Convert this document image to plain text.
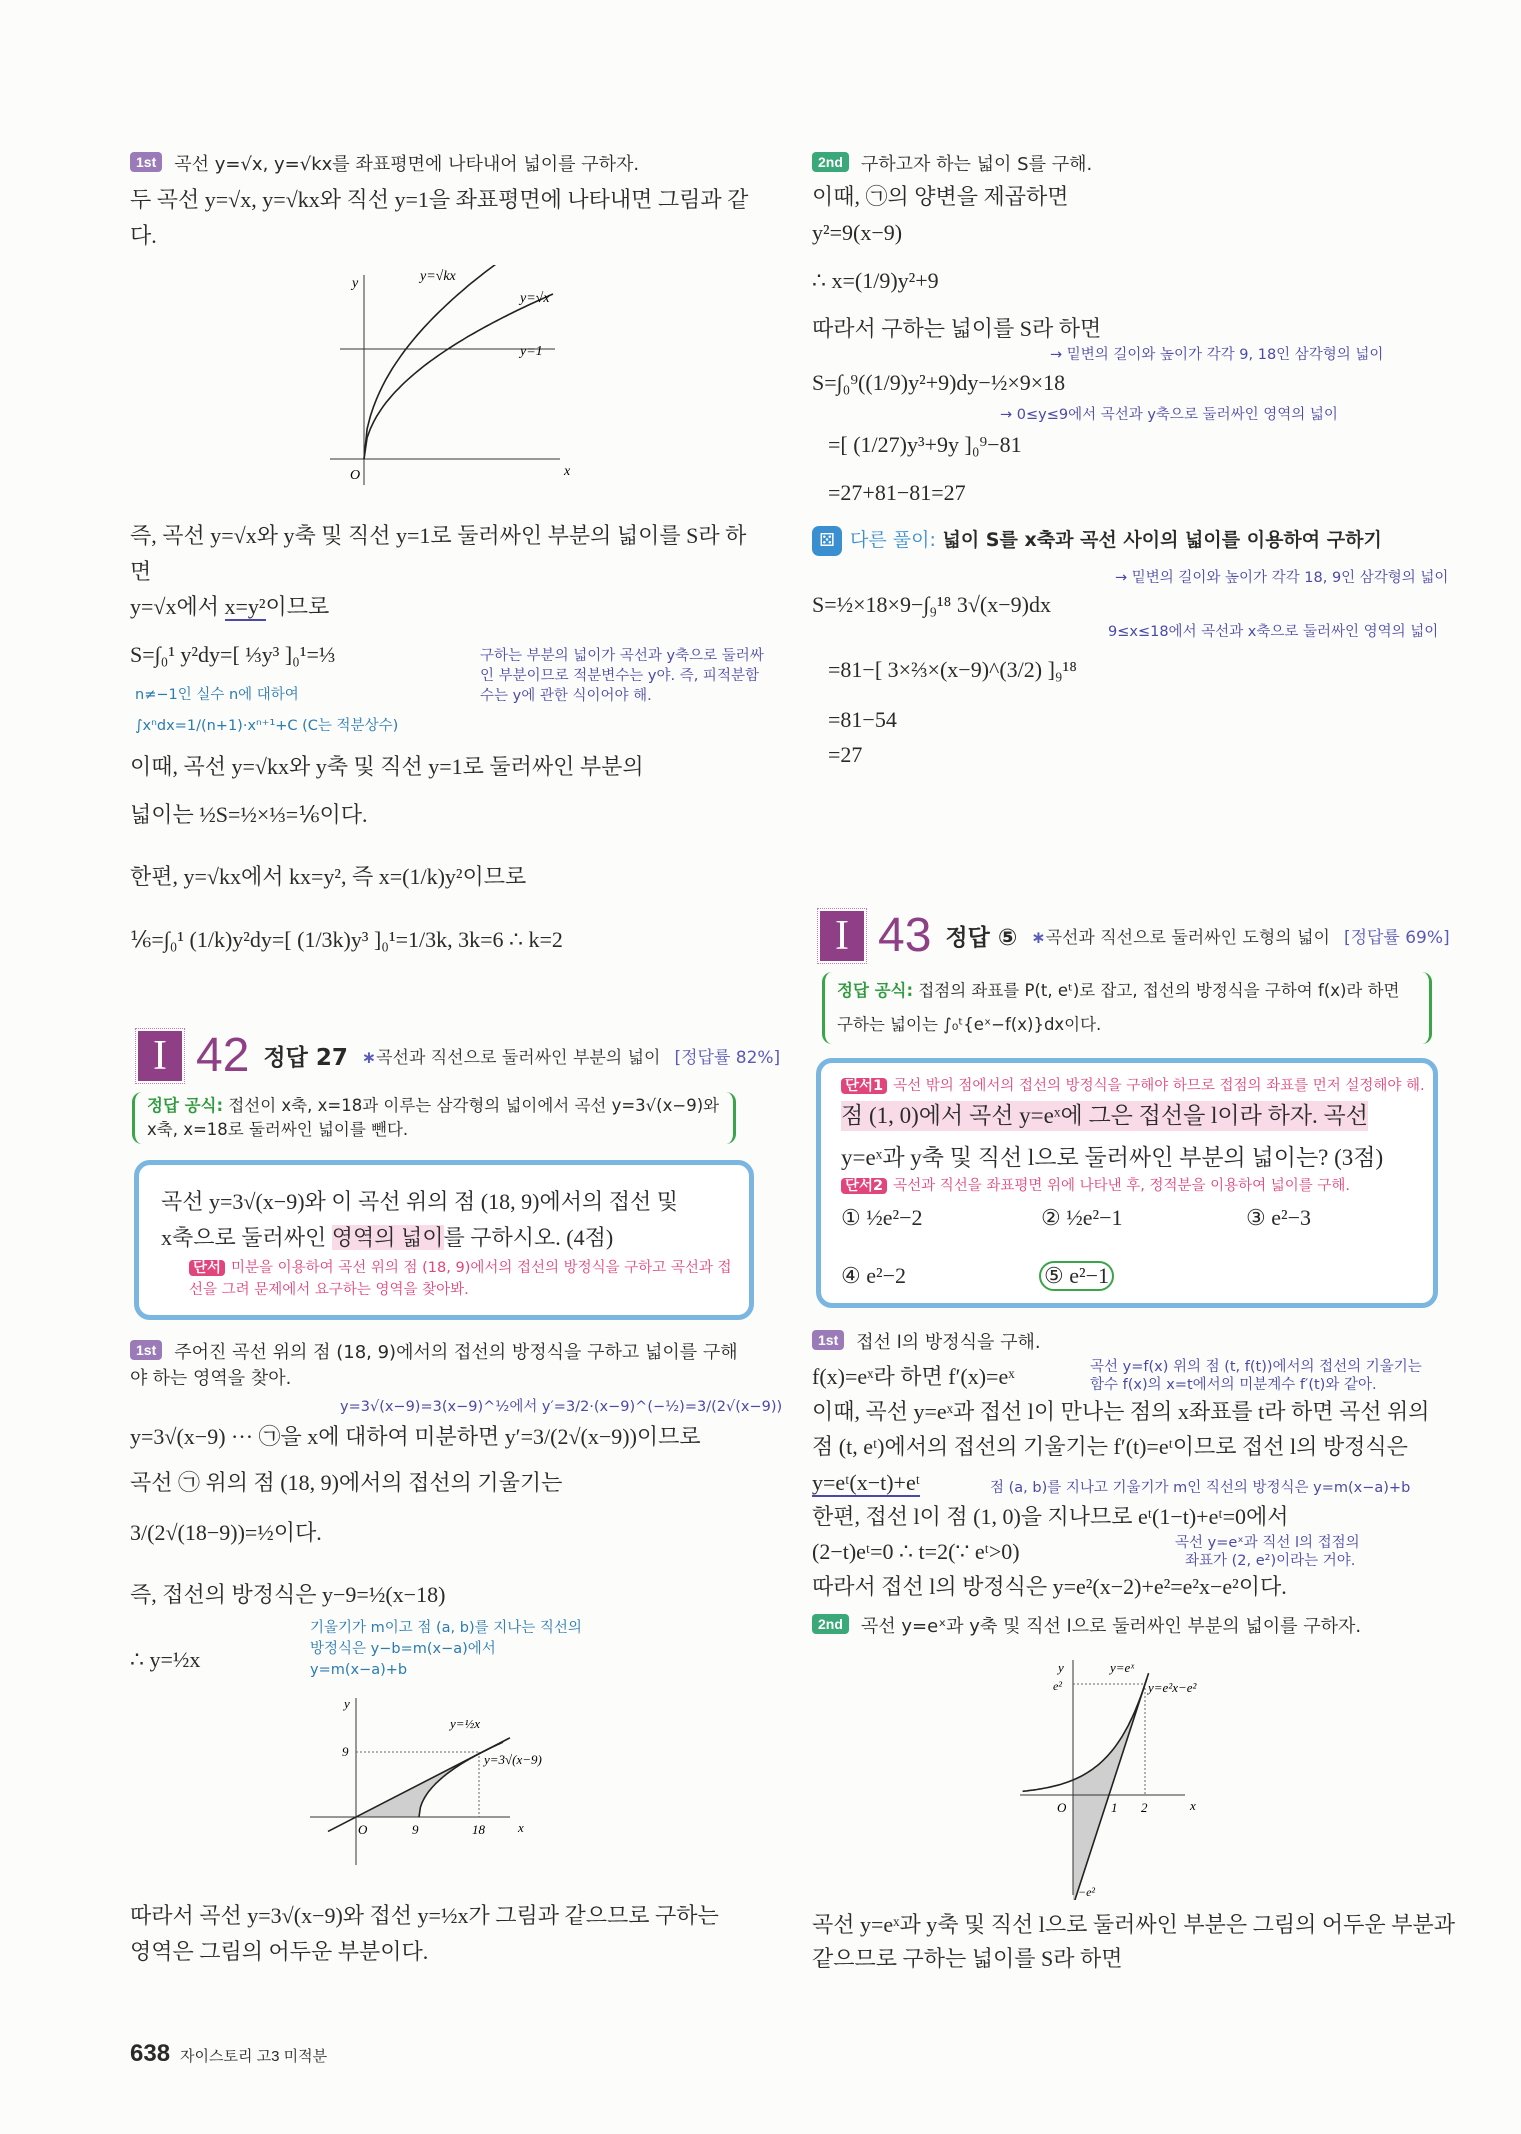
1st 곡선 y=√x, y=√kx를 좌표평면에 나타내어 넓이를 구하자.
두 곡선 y=√x, y=√kx와 직선 y=1을 좌표평면에 나타내면 그림과 같다.
y
x
O
y=√kx
y=√x
y=1
즉, 곡선 y=√x와 y축 및 직선 y=1로 둘러싸인 부분의 넓이를 S라 하면
y=√x에서 x=y²이므로
S=∫₀¹ y²dy=[ ⅓y³ ]₀¹=⅓	구하는 부분의 넓이가 곡선과 y축으로 둘러싸인 부분이므로 적분변수는 y야. 즉, 피적분함수는 y에 관한 식이어야 해.
n≠−1인 실수 n에 대하여
∫xⁿdx=1/(n+1)·xⁿ⁺¹+C (C는 적분상수)
이때, 곡선 y=√kx와 y축 및 직선 y=1로 둘러싸인 부분의
넓이는 ½S=½×⅓=⅙이다.
한편, y=√kx에서 kx=y², 즉 x=(1/k)y²이므로
⅙=∫₀¹ (1/k)y²dy=[ (1/3k)y³ ]₀¹=1/3k, 3k=6 ∴ k=2
I 42 정답 27 ∗곡선과 직선으로 둘러싸인 부분의 넓이 [정답률 82%]
정답 공식: 접선이 x축, x=18과 이루는 삼각형의 넓이에서 곡선 y=3√(x−9)와 x축, x=18로 둘러싸인 넓이를 뺀다.
곡선 y=3√(x−9)와 이 곡선 위의 점 (18, 9)에서의 접선 및
x축으로 둘러싸인 영역의 넓이를 구하시오. (4점)
단서 미분을 이용하여 곡선 위의 점 (18, 9)에서의 접선의 방정식을 구하고 곡선과 접선을 그려 문제에서 요구하는 영역을 찾아봐.
1st 주어진 곡선 위의 점 (18, 9)에서의 접선의 방정식을 구하고 넓이를 구해야 하는 영역을 찾아.
y=3√(x−9)=3(x−9)^½에서 y′=3/2·(x−9)^(−½)=3/(2√(x−9))
y=3√(x−9) ··· ㉠을 x에 대하여 미분하면 y′=3/(2√(x−9))이므로
곡선 ㉠ 위의 점 (18, 9)에서의 접선의 기울기는
3/(2√(18−9))=½이다.
즉, 접선의 방정식은 y−9=½(x−18)
기울기가 m이고 점 (a, b)를 지나는 직선의
방정식은 y−b=m(x−a)에서
y=m(x−a)+b
∴ y=½x
y
x
O	9	18
9
y=½x
y=3√(x−9)
따라서 곡선 y=3√(x−9)와 접선 y=½x가 그림과 같으므로 구하는
영역은 그림의 어두운 부분이다.
2nd 구하고자 하는 넓이 S를 구해.
이때, ㉠의 양변을 제곱하면
y²=9(x−9)
∴ x=(1/9)y²+9
따라서 구하는 넓이를 S라 하면
→ 밑변의 길이와 높이가 각각 9, 18인 삼각형의 넓이
S=∫₀⁹((1/9)y²+9)dy−½×9×18
→ 0≤y≤9에서 곡선과 y축으로 둘러싸인 영역의 넓이
=[ (1/27)y³+9y ]₀⁹−81
=27+81−81=27
⚄ 다른 풀이: 넓이 S를 x축과 곡선 사이의 넓이를 이용하여 구하기
→ 밑변의 길이와 높이가 각각 18, 9인 삼각형의 넓이
S=½×18×9−∫₉¹⁸ 3√(x−9)dx
9≤x≤18에서 곡선과 x축으로 둘러싸인 영역의 넓이
=81−[ 3×⅔×(x−9)^(3/2) ]₉¹⁸
=81−54
=27
I 43 정답 ⑤ ∗곡선과 직선으로 둘러싸인 도형의 넓이 [정답률 69%]
정답 공식: 접점의 좌표를 P(t, eᵗ)로 잡고, 접선의 방정식을 구하여 f(x)라 하면
구하는 넓이는 ∫₀ᵗ{eˣ−f(x)}dx이다.
단서1 곡선 밖의 점에서의 접선의 방정식을 구해야 하므로 접점의 좌표를 먼저 설정해야 해.
점 (1, 0)에서 곡선 y=eˣ에 그은 접선을 l이라 하자. 곡선
y=eˣ과 y축 및 직선 l으로 둘러싸인 부분의 넓이는? (3점)
단서2 곡선과 직선을 좌표평면 위에 나타낸 후, 정적분을 이용하여 넓이를 구해.
① ½e²−2	② ½e²−1	③ e²−3
④ e²−2	⑤ e²−1
1st 접선 l의 방정식을 구해.
f(x)=eˣ라 하면 f′(x)=eˣ	곡선 y=f(x) 위의 점 (t, f(t))에서의 접선의 기울기는
함수 f(x)의 x=t에서의 미분계수 f′(t)와 같아.
이때, 곡선 y=eˣ과 접선 l이 만나는 점의 x좌표를 t라 하면 곡선 위의
점 (t, eᵗ)에서의 접선의 기울기는 f′(t)=eᵗ이므로 접선 l의 방정식은
y=eᵗ(x−t)+eᵗ	점 (a, b)를 지나고 기울기가 m인 직선의 방정식은 y=m(x−a)+b
한편, 접선 l이 점 (1, 0)을 지나므로 eᵗ(1−t)+eᵗ=0에서
(2−t)eᵗ=0 ∴ t=2(∵ eᵗ>0)	곡선 y=eˣ과 직선 l의 접점의
좌표가 (2, e²)이라는 거야.
따라서 접선 l의 방정식은 y=e²(x−2)+e²=e²x−e²이다.
2nd 곡선 y=eˣ과 y축 및 직선 l으로 둘러싸인 부분의 넓이를 구하자.
y
x
O	1 2
e²
−e²
y=eˣ
y=e²x−e²
곡선 y=eˣ과 y축 및 직선 l으로 둘러싸인 부분은 그림의 어두운 부분과
같으므로 구하는 넓이를 S라 하면
638 자이스토리 고3 미적분
